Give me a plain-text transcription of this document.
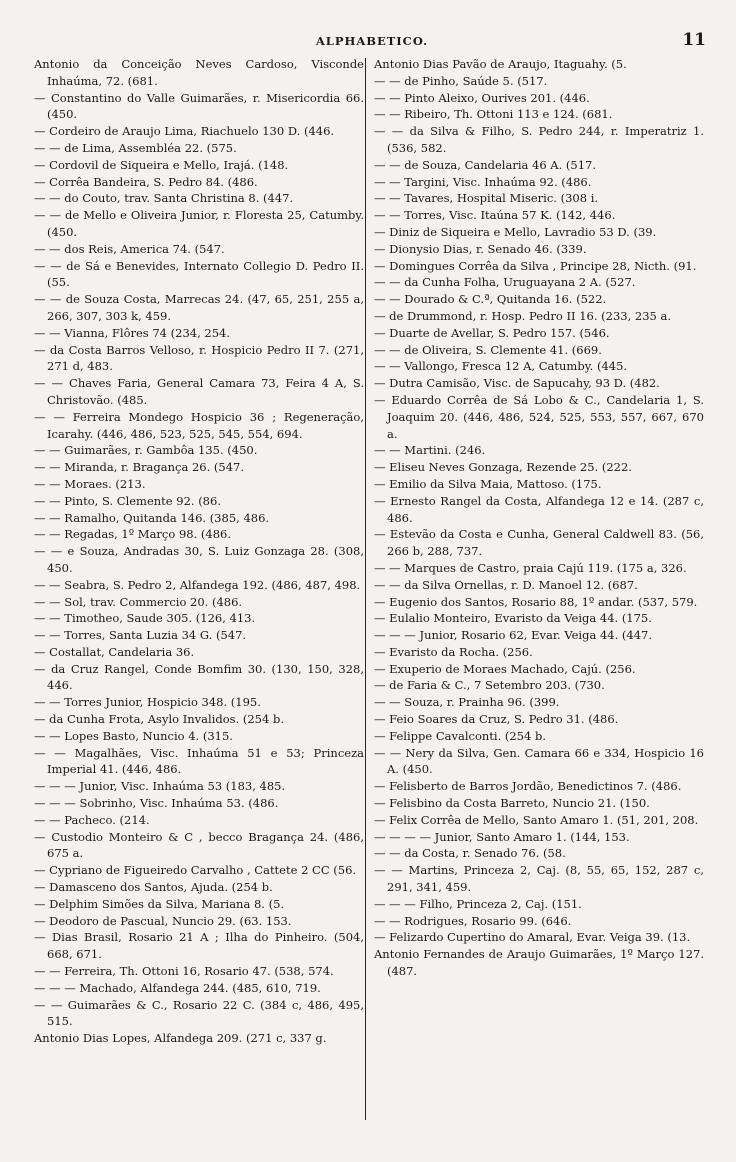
ALPHABETICO.	11

Antonio da Conceição Neves Cardoso, Visconde Inhaúma, 72. (681.

— Constantino do Valle Guimarães, r. Misericordia 66. (450.

— Cordeiro de Araujo Lima, Riachuelo 130 D. (446.

— — de Lima, Assembléa 22. (575.

— Cordovil de Siqueira e Mello, Irajá. (148.

— Corrêa Bandeira, S. Pedro 84. (486.

— — do Couto, trav. Santa Christina 8. (447.

— — de Mello e Oliveira Junior, r. Floresta 25, Catumby. (450.

— — dos Reis, America 74. (547.

— — de Sá e Benevides, Internato Collegio D. Pedro II. (55.

— — de Souza Costa, Marrecas 24. (47, 65, 251, 255 a, 266, 307, 303 k, 459.

— — Vianna, Flôres 74 (234, 254.

— da Costa Barros Velloso, r. Hospicio Pedro II 7. (271, 271 d, 483.

— — Chaves Faria, General Camara 73, Feira 4 A, S. Christovão. (485.

— — Ferreira Mondego Hospicio 36 ; Regeneração, Icarahy. (446, 486, 523, 525, 545, 554, 694.

— — Guimarães, r. Gambôa 135. (450.

— — Miranda, r. Bragança 26. (547.

— — Moraes. (213.

— — Pinto, S. Clemente 92. (86.

— — Ramalho, Quitanda 146. (385, 486.

— — Regadas, 1º Março 98. (486.

— — e Souza, Andradas 30, S. Luiz Gonzaga 28. (308, 450.

— — Seabra, S. Pedro 2, Alfandega 192. (486, 487, 498.

— — Sol, trav. Commercio 20. (486.

— — Timotheo, Saude 305. (126, 413.

— — Torres, Santa Luzia 34 G. (547.

— Costallat, Candelaria 36.

— da Cruz Rangel, Conde Bomfim 30. (130, 150, 328, 446.

— — Torres Junior, Hospicio 348. (195.

— da Cunha Frota, Asylo Invalidos. (254 b.

— — Lopes Basto, Nuncio 4. (315.

— — Magalhães, Visc. Inhaúma 51 e 53; Princeza Imperial 41. (446, 486.

— — — Junior, Visc. Inhaúma 53 (183, 485.

— — — Sobrinho, Visc. Inhaúma 53. (486.

— — Pacheco. (214.

— Custodio Monteiro & C , becco Bragança 24. (486, 675 a.

— Cypriano de Figueiredo Carvalho , Cattete 2 CC (56.

— Damasceno dos Santos, Ajuda. (254 b.

— Delphim Simões da Silva, Mariana 8. (5.

— Deodoro de Pascual, Nuncio 29. (63. 153.

— Dias Brasil, Rosario 21 A ; Ilha do Pinheiro. (504, 668, 671.

— — Ferreira, Th. Ottoni 16, Rosario 47. (538, 574.

— — — Machado, Alfandega 244. (485, 610, 719.

— — Guimarães & C., Rosario 22 C. (384 c, 486, 495, 515.

Antonio Dias Lopes, Alfandega 209. (271 c, 337 g.

Antonio Dias Pavão de Araujo, Itaguahy. (5.

— — de Pinho, Saúde 5. (517.

— — Pinto Aleixo, Ourives 201. (446.

— — Ribeiro, Th. Ottoni 113 e 124. (681.

— — da Silva & Filho, S. Pedro 244, r. Imperatriz 1. (536, 582.

— — de Souza, Candelaria 46 A. (517.

— — Targini, Visc. Inhaúma 92. (486.

— — Tavares, Hospital Miseric. (308 i.

— — Torres, Visc. Itaúna 57 K. (142, 446.

— Diniz de Siqueira e Mello, Lavradio 53 D. (39.

— Dionysio Dias, r. Senado 46. (339.

— Domingues Corrêa da Silva , Principe 28, Nicth. (91.

— — da Cunha Folha, Uruguayana 2 A. (527.

— — Dourado & C.ª, Quitanda 16. (522.

— de Drummond, r. Hosp. Pedro II 16. (233, 235 a.

— Duarte de Avellar, S. Pedro 157. (546.

— — de Oliveira, S. Clemente 41. (669.

— — Vallongo, Fresca 12 A, Catumby. (445.

— Dutra Camisão, Visc. de Sapucahy, 93 D. (482.

— Eduardo Corrêa de Sá Lobo & C., Candelaria 1, S. Joaquim 20. (446, 486, 524, 525, 553, 557, 667, 670 a.

— — Martini. (246.

— Eliseu Neves Gonzaga, Rezende 25. (222.

— Emilio da Silva Maia, Mattoso. (175.

— Ernesto Rangel da Costa, Alfandega 12 e 14. (287 c, 486.

— Estevão da Costa e Cunha, General Caldwell 83. (56, 266 b, 288, 737.

— — Marques de Castro, praia Cajú 119. (175 a, 326.

— — da Silva Ornellas, r. D. Manoel 12. (687.

— Eugenio dos Santos, Rosario 88, 1º andar. (537, 579.

— Eulalio Monteiro, Evaristo da Veiga 44. (175.

— — — Junior, Rosario 62, Evar. Veiga 44. (447.

— Evaristo da Rocha. (256.

— Exuperio de Moraes Machado, Cajú. (256.

— de Faria & C., 7 Setembro 203. (730.

— — Souza, r. Prainha 96. (399.

— Feio Soares da Cruz, S. Pedro 31. (486.

— Felippe Cavalconti. (254 b.

— — Nery da Silva, Gen. Camara 66 e 334, Hospicio 16 A. (450.

— Felisberto de Barros Jordão, Benedictinos 7. (486.

— Felisbino da Costa Barreto, Nuncio 21. (150.

— Felix Corrêa de Mello, Santo Amaro 1. (51, 201, 208.

— — — — Junior, Santo Amaro 1. (144, 153.

— — da Costa, r. Senado 76. (58.

— — Martins, Princeza 2, Caj. (8, 55, 65, 152, 287 c, 291, 341, 459.

— — — Filho, Princeza 2, Caj. (151.

— — Rodrigues, Rosario 99. (646.

— Felizardo Cupertino do Amaral, Evar. Veiga 39. (13.

Antonio Fernandes de Araujo Guimarães, 1º Março 127. (487.
